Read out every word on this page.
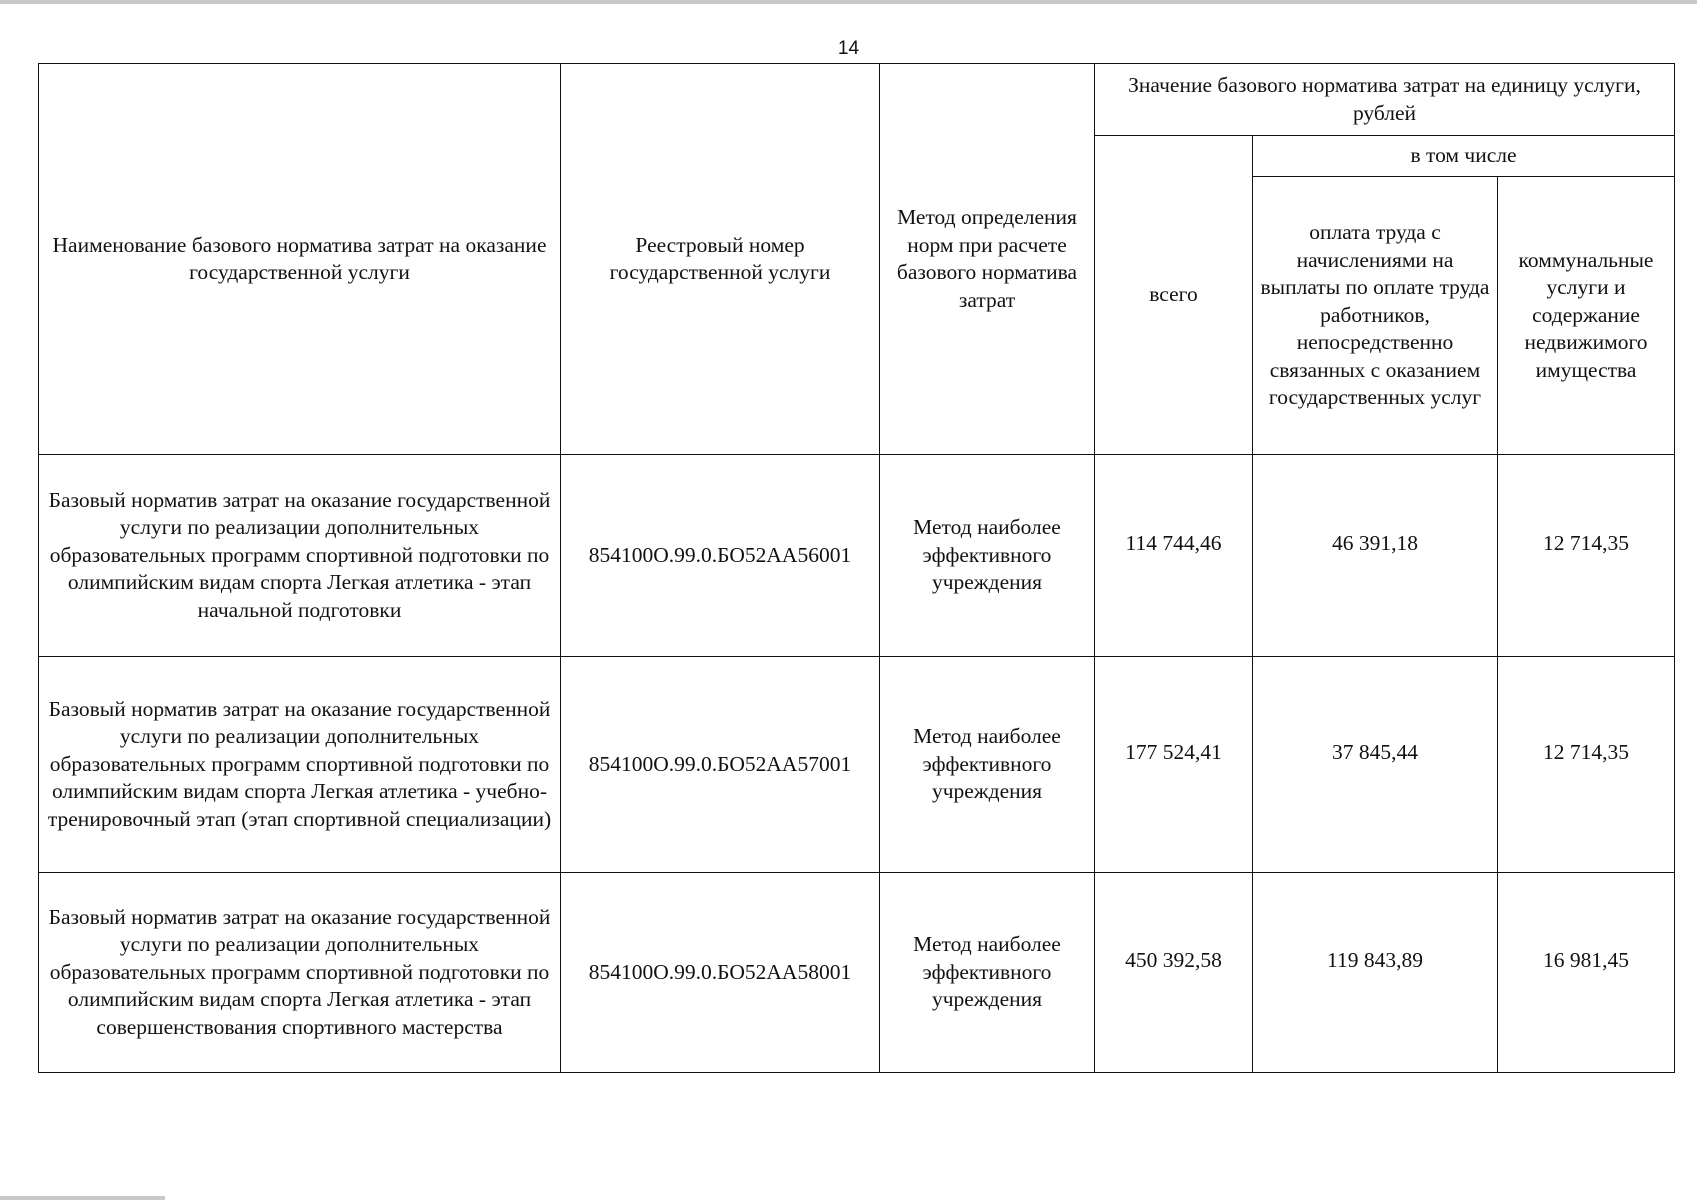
14
Наименование базового норматива затрат на оказание государственной услуги	Реестровый номер государственной услуги	Метод определения норм при расчете базового норматива затрат	Значение базового норматива затрат на единицу услуги, рублей		
			всего	в том числе	
				оплата труда с начислениями на выплаты по оплате труда работников, непосредственно связанных с оказанием государственных услуг	коммунальные услуги и содержание недвижимого имущества
Базовый норматив затрат на оказание государственной услуги по реализации дополнительных образовательных программ спортивной подготовки по олимпийским видам спорта Легкая атлетика - этап начальной подготовки	854100О.99.0.БО52АА56001	Метод наиболее эффективного учреждения	114 744,46	46 391,18	12 714,35
Базовый норматив затрат на оказание государственной услуги по реализации дополнительных образовательных программ спортивной подготовки по олимпийским видам спорта Легкая атлетика - учебно-тренировочный этап (этап спортивной специализации)	854100О.99.0.БО52АА57001	Метод наиболее эффективного учреждения	177 524,41	37 845,44	12 714,35
Базовый норматив затрат на оказание государственной услуги по реализации дополнительных образовательных программ спортивной подготовки по олимпийским видам спорта Легкая атлетика - этап совершенствования спортивного мастерства	854100О.99.0.БО52АА58001	Метод наиболее эффективного учреждения	450 392,58	119 843,89	16 981,45
